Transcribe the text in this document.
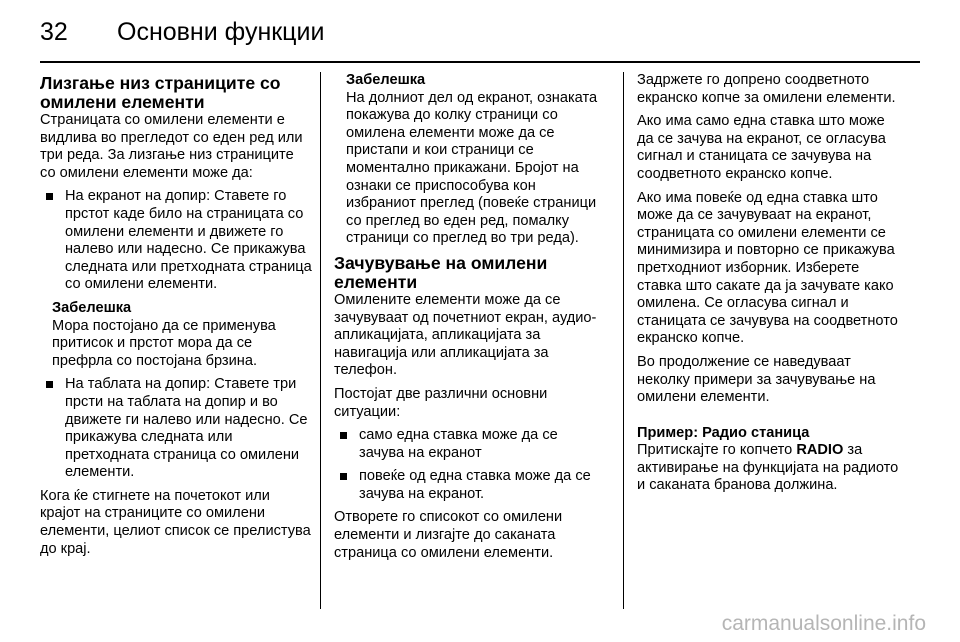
32 Основни функции
Лизгање низ страниците со омилени елементи

Страницата со омилени елементи е видлива во прегледот со еден ред или три реда. За лизгање низ страниците со омилени елементи може да:

На екранот на допир: Ставете го прстот каде било на страницата со омилени елементи и движете го налево или надесно. Се прикажува следната или претходната страница со омилени елементи.
Забелешка
Мора постојано да се применува притисок и прстот мора да се префрла со постојана брзина.
На таблата на допир: Ставете три прсти на таблата на допир и во движете ги налево или надесно. Се прикажува следната или претходната страница со омилени елементи.

Кога ќе стигнете на почетокот или крајот на страниците со омилени елементи, целиот список се прелистува до крај.

Забелешка
На долниот дел од екранот, ознаката покажува до колку страници со омилена елементи може да се пристапи и кои страници се моментално прикажани. Бројот на ознаки се приспособува кон избраниот преглед (повеќе страници со преглед во еден ред, помалку страници со преглед во три реда).
Зачувување на омилени елементи

Омилените елементи може да се зачувуваат од почетниот екран, аудио-апликацијата, апликацијата за навигација или апликацијата за телефон.

Постојат две различни основни ситуации:

само една ставка може да се зачува на екранот
повеќе од една ставка може да се зачува на екранот.

Отворете го списокот со омилени елементи и лизгајте до саканата страница со омилени елементи.

Задржете го допрено соодветното екранско копче за омилени елементи.

Ако има само една ставка што може да се зачува на екранот, се огласува сигнал и станицата се зачувува на соодветното екранско копче.

Ако има повеќе од една ставка што може да се зачувуваат на екранот, страницата со омилени елементи се минимизира и повторно се прикажува претходниот изборник. Изберете ставка што сакате да ја зачувате како омилена. Се огласува сигнал и станицата се зачувува на соодветното екранско копче.

Во продолжение се наведуваат неколку примери за зачувување на омилени елементи.

Пример: Радио станица

Притискајте го копчето RADIO за активирање на функцијата на радиото и саканата бранова должина.

carmanualsonline.info
